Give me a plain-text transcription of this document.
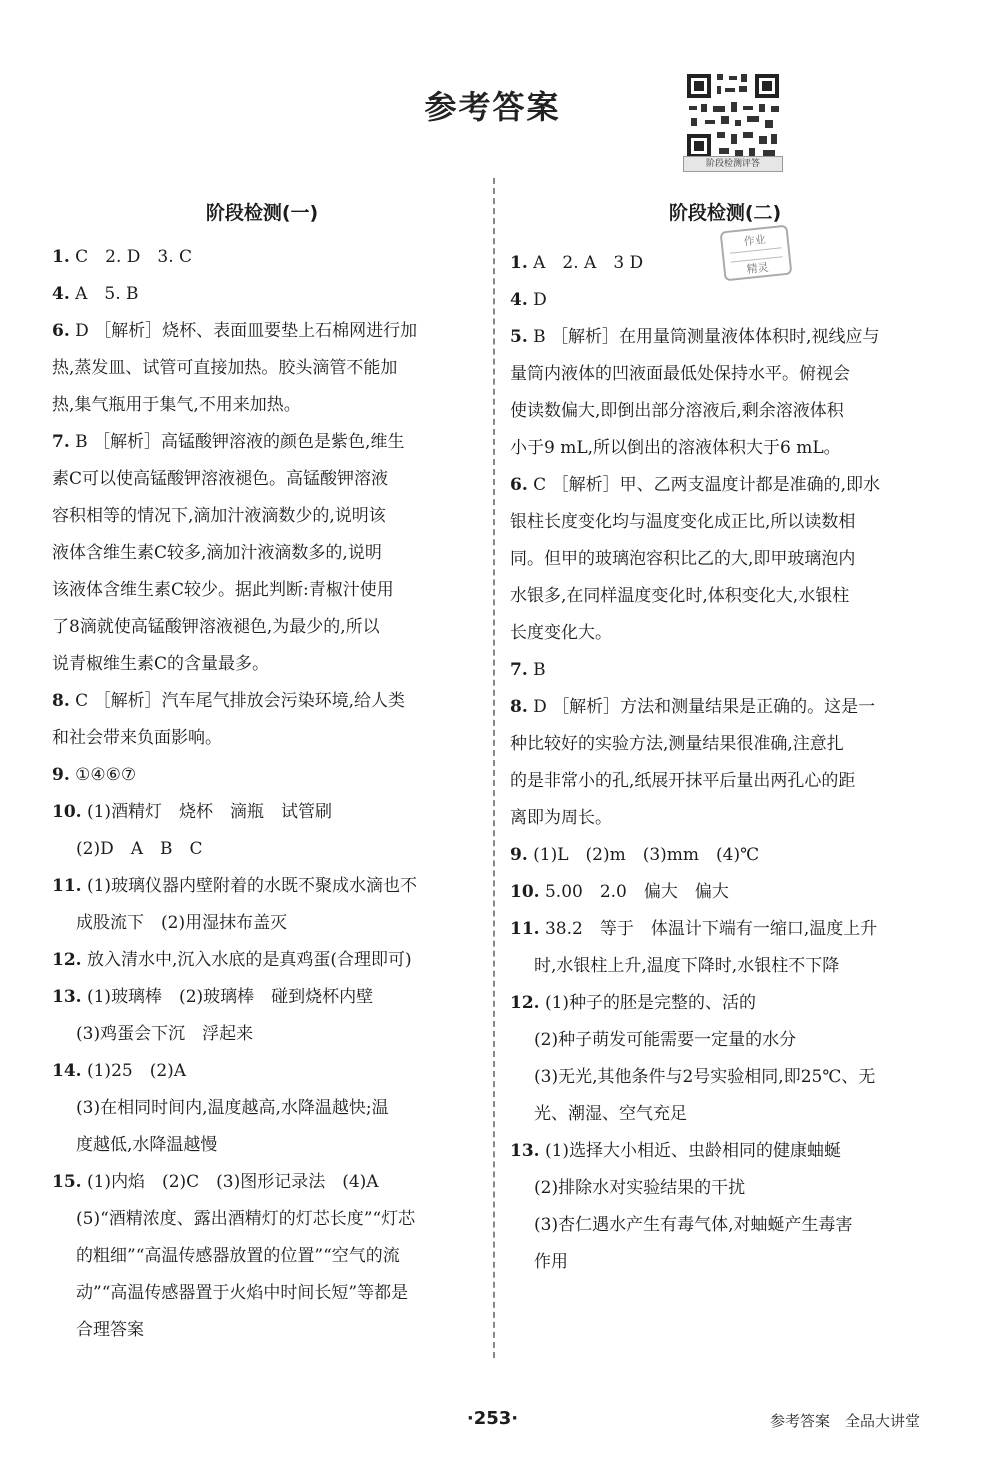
参考答案
阶段检测评答
作业
精灵
阶段检测(一)
1. C　2. D　3. C
4. A　5. B
6. D ［解析］烧杯、表面皿要垫上石棉网进行加
热,蒸发皿、试管可直接加热。胶头滴管不能加
热,集气瓶用于集气,不用来加热。
7. B ［解析］高锰酸钾溶液的颜色是紫色,维生
素C可以使高锰酸钾溶液褪色。高锰酸钾溶液
容积相等的情况下,滴加汁液滴数少的,说明该
液体含维生素C较多,滴加汁液滴数多的,说明
该液体含维生素C较少。据此判断:青椒汁使用
了8滴就使高锰酸钾溶液褪色,为最少的,所以
说青椒维生素C的含量最多。
8. C ［解析］汽车尾气排放会污染环境,给人类
和社会带来负面影响。
9. ①④⑥⑦
10. (1)酒精灯　烧杯　滴瓶　试管刷
(2)D　A　B　C
11. (1)玻璃仪器内壁附着的水既不聚成水滴也不
成股流下　(2)用湿抹布盖灭
12. 放入清水中,沉入水底的是真鸡蛋(合理即可)
13. (1)玻璃棒　(2)玻璃棒　碰到烧杯内壁
(3)鸡蛋会下沉　浮起来
14. (1)25　(2)A
(3)在相同时间内,温度越高,水降温越快;温
度越低,水降温越慢
15. (1)内焰　(2)C　(3)图形记录法　(4)A
(5)“酒精浓度、露出酒精灯的灯芯长度”“灯芯
的粗细”“高温传感器放置的位置”“空气的流
动”“高温传感器置于火焰中时间长短”等都是
合理答案
阶段检测(二)
1. A　2. A　3 D
4. D
5. B ［解析］在用量筒测量液体体积时,视线应与
量筒内液体的凹液面最低处保持水平。俯视会
使读数偏大,即倒出部分溶液后,剩余溶液体积
小于9 mL,所以倒出的溶液体积大于6 mL。
6. C ［解析］甲、乙两支温度计都是准确的,即水
银柱长度变化均与温度变化成正比,所以读数相
同。但甲的玻璃泡容积比乙的大,即甲玻璃泡内
水银多,在同样温度变化时,体积变化大,水银柱
长度变化大。
7. B
8. D ［解析］方法和测量结果是正确的。这是一
种比较好的实验方法,测量结果很准确,注意扎
的是非常小的孔,纸展开抹平后量出两孔心的距
离即为周长。
9. (1)L　(2)m　(3)mm　(4)℃
10. 5.00　2.0　偏大　偏大
11. 38.2　等于　体温计下端有一缩口,温度上升
时,水银柱上升,温度下降时,水银柱不下降
12. (1)种子的胚是完整的、活的
(2)种子萌发可能需要一定量的水分
(3)无光,其他条件与2号实验相同,即25℃、无
光、潮湿、空气充足
13. (1)选择大小相近、虫龄相同的健康蚰蜒
(2)排除水对实验结果的干扰
(3)杏仁遇水产生有毒气体,对蚰蜒产生毒害
作用
·253·	参考答案　全品大讲堂
